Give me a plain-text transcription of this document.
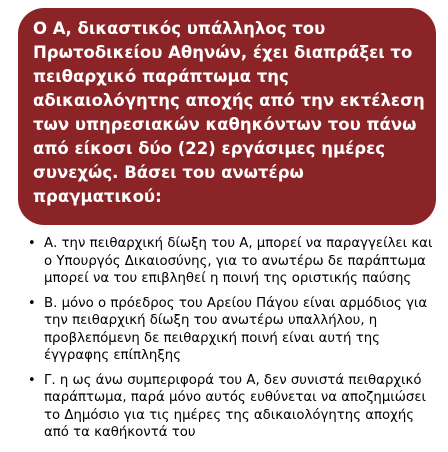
Ο Α, δικαστικός υπάλληλος του Πρωτοδικείου Αθηνών, έχει διαπράξει το πειθαρχικό παράπτωμα της αδικαιολόγητης αποχής από την εκτέλεση των υπηρεσιακών καθηκόντων του πάνω από είκοσι δύο (22) εργάσιμες ημέρες συνεχώς. Βάσει του ανωτέρω πραγματικού:

• Α. την πειθαρχική δίωξη του Α, μπορεί να παραγγείλει και ο Υπουργός Δικαιοσύνης, για το ανωτέρω δε παράπτωμα μπορεί να του επιβληθεί η ποινή της οριστικής παύσης
• Β. μόνο ο πρόεδρος του Αρείου Πάγου είναι αρμόδιος για την πειθαρχική δίωξη του ανωτέρω υπαλλήλου, η προβλεπόμενη δε πειθαρχική ποινή είναι αυτή της έγγραφης επίπληξης
• Γ. η ως άνω συμπεριφορά του Α, δεν συνιστά πειθαρχικό παράπτωμα, παρά μόνο αυτός ευθύνεται να αποζημιώσει το Δημόσιο για τις ημέρες της αδικαιολόγητης αποχής από τα καθήκοντά του
